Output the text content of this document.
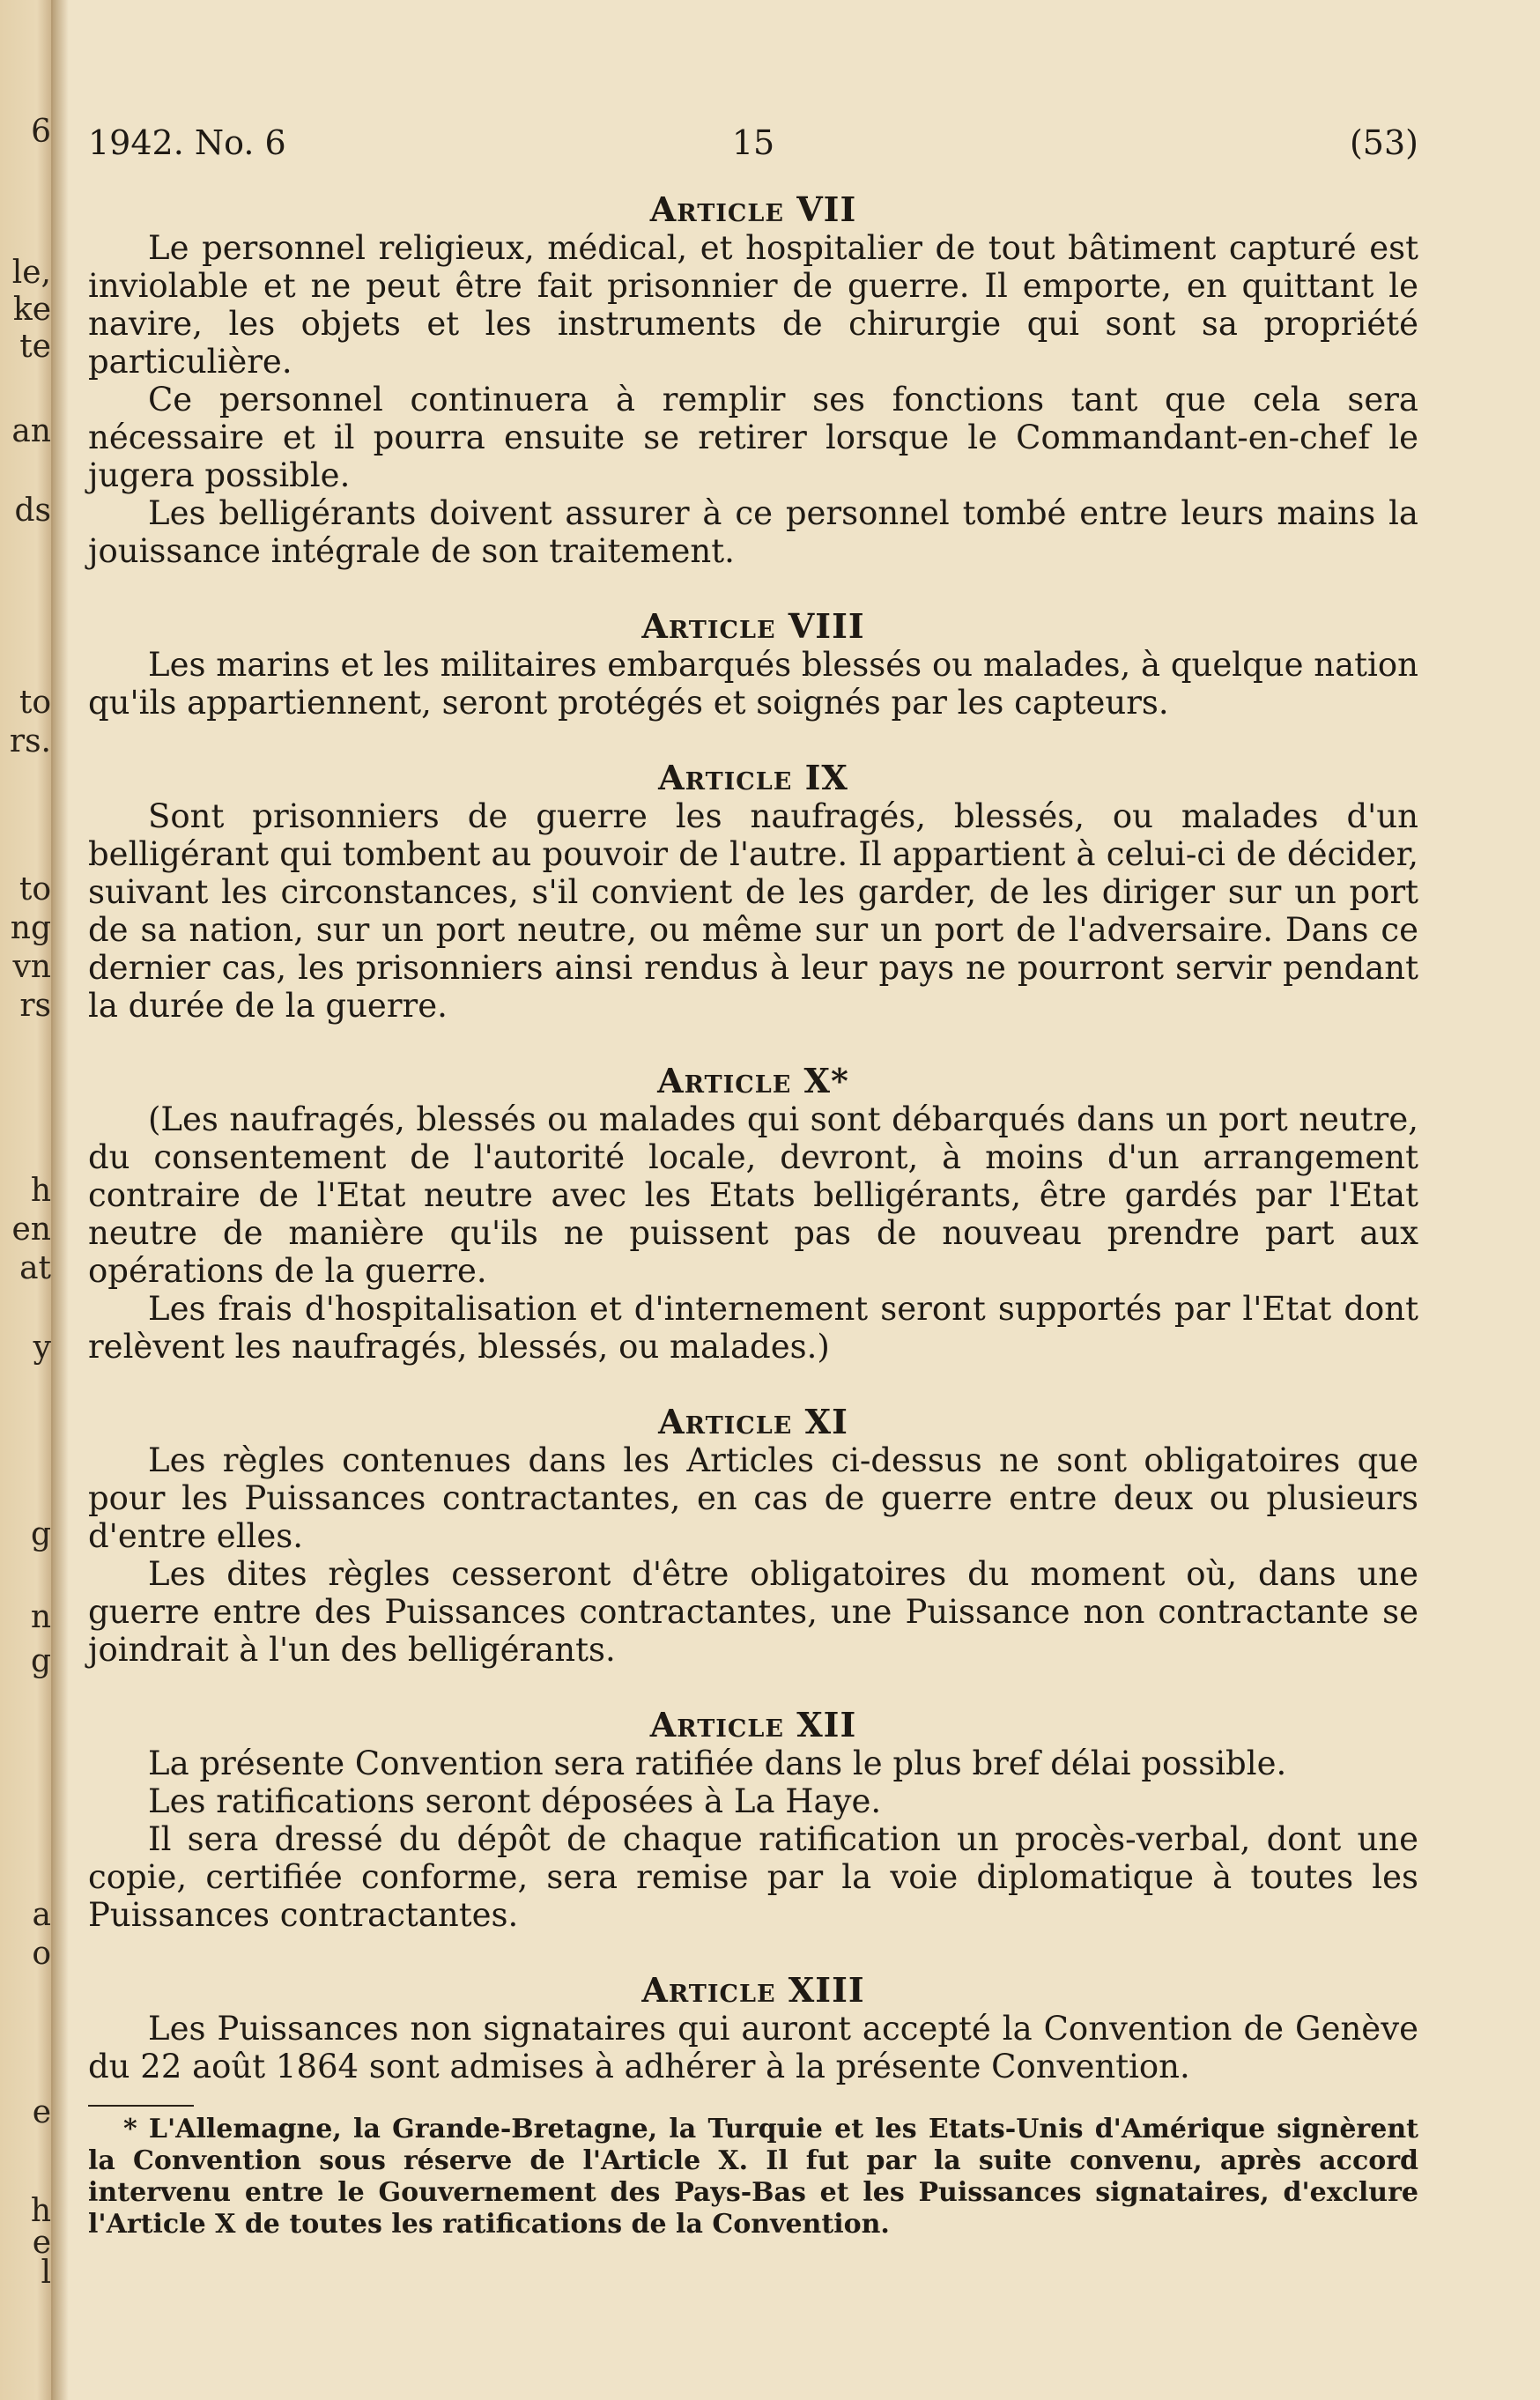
6
le,
ke
te
an
ds
to
rs.
to
ng
vn
rs
h
en
at
y
g
n
g
a
o
e
h
e
l
1942. No. 6	15	(53)
Article VII

Le personnel religieux, médical, et hospitalier de tout bâtiment capturé est inviolable et ne peut être fait prisonnier de guerre. Il emporte, en quittant le navire, les objets et les instruments de chirurgie qui sont sa propriété particulière.

Ce personnel continuera à remplir ses fonctions tant que cela sera nécessaire et il pourra ensuite se retirer lorsque le Commandant-en-chef le jugera possible.

Les belligérants doivent assurer à ce personnel tombé entre leurs mains la jouissance intégrale de son traitement.

Article VIII

Les marins et les militaires embarqués blessés ou malades, à quelque nation qu'ils appartiennent, seront protégés et soignés par les capteurs.

Article IX

Sont prisonniers de guerre les naufragés, blessés, ou malades d'un belligérant qui tombent au pouvoir de l'autre. Il appartient à celui-ci de décider, suivant les circonstances, s'il convient de les garder, de les diriger sur un port de sa nation, sur un port neutre, ou même sur un port de l'adversaire. Dans ce dernier cas, les prisonniers ainsi rendus à leur pays ne pourront servir pendant la durée de la guerre.

Article X*

(Les naufragés, blessés ou malades qui sont débarqués dans un port neutre, du consentement de l'autorité locale, devront, à moins d'un arrangement contraire de l'Etat neutre avec les Etats belligérants, être gardés par l'Etat neutre de manière qu'ils ne puissent pas de nouveau prendre part aux opérations de la guerre.

Les frais d'hospitalisation et d'internement seront supportés par l'Etat dont relèvent les naufragés, blessés, ou malades.)

Article XI

Les règles contenues dans les Articles ci-dessus ne sont obligatoires que pour les Puissances contractantes, en cas de guerre entre deux ou plusieurs d'entre elles.

Les dites règles cesseront d'être obligatoires du moment où, dans une guerre entre des Puissances contractantes, une Puissance non contractante se joindrait à l'un des belligérants.

Article XII

La présente Convention sera ratifiée dans le plus bref délai possible.

Les ratifications seront déposées à La Haye.

Il sera dressé du dépôt de chaque ratification un procès-verbal, dont une copie, certifiée conforme, sera remise par la voie diplomatique à toutes les Puissances contractantes.

Article XIII

Les Puissances non signataires qui auront accepté la Convention de Genève du 22 août 1864 sont admises à adhérer à la présente Convention.

* L'Allemagne, la Grande-Bretagne, la Turquie et les Etats-Unis d'Amérique signèrent la Convention sous réserve de l'Article X. Il fut par la suite convenu, après accord intervenu entre le Gouvernement des Pays-Bas et les Puissances signataires, d'exclure l'Article X de toutes les ratifications de la Convention.
